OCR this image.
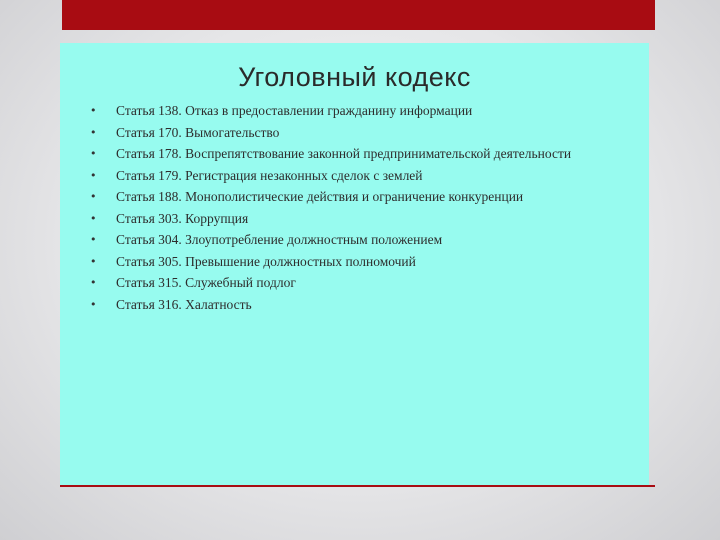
Уголовный кодекс
• Статья 138. Отказ в предоставлении гражданину информации
• Статья 170. Вымогательство
• Статья 178. Воспрепятствование законной предпринимательской деятельности
• Статья 179. Регистрация незаконных сделок с землей
• Статья 188. Монополистические действия и ограничение конкуренции
• Статья 303. Коррупция
• Статья 304. Злоупотребление должностным положением
• Статья 305. Превышение должностных полномочий
• Статья 315. Служебный подлог
• Статья 316. Халатность
